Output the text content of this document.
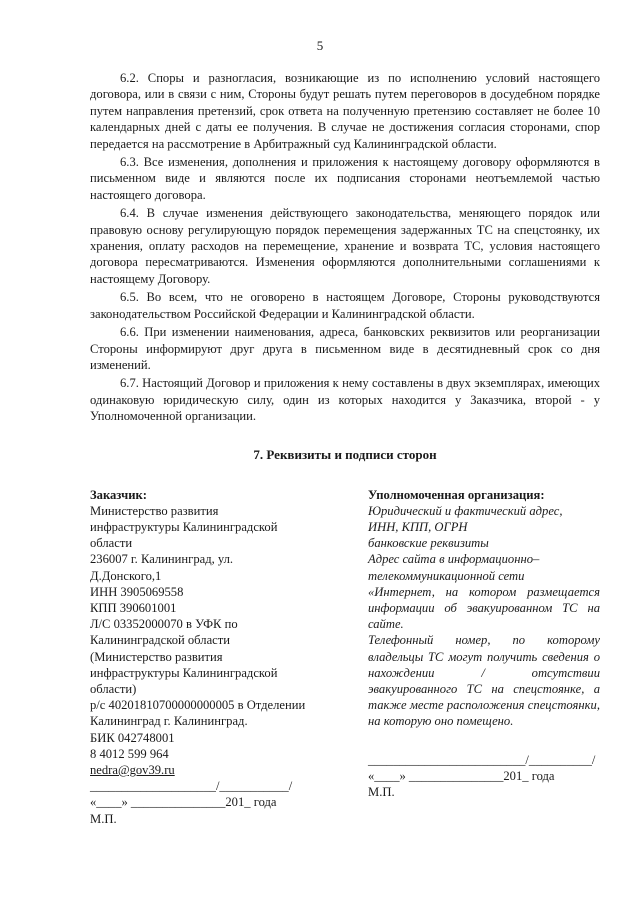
5

6.2. Споры и разногласия, возникающие из по исполнению условий настоящего договора, или в связи с ним, Стороны будут решать путем переговоров в досудебном порядке путем направления претензий, срок ответа на полученную претензию составляет не более 10 календарных дней с даты ее получения. В случае не достижения согласия сторонами, спор передается на рассмотрение в Арбитражный суд Калининградской области.

6.3. Все изменения, дополнения и приложения к настоящему договору оформляются в письменном виде и являются после их подписания сторонами неотъемлемой частью настоящего договора.

6.4. В случае изменения действующего законодательства, меняющего порядок или правовую основу регулирующую порядок перемещения задержанных ТС на спецстоянку, их хранения, оплату расходов на перемещение, хранение и возврата ТС, условия настоящего договора пересматриваются. Изменения оформляются дополнительными соглашениями к настоящему Договору.

6.5. Во всем, что не оговорено в настоящем Договоре, Стороны руководствуются законодательством Российской Федерации и Калининградской области.

6.6. При изменении наименования, адреса, банковских реквизитов или реорганизации Стороны информируют друг друга в письменном виде в десятидневный срок со дня изменений.

6.7. Настоящий Договор и приложения к нему составлены в двух экземплярах, имеющих одинаковую юридическую силу, один из которых находится у Заказчика, второй - у Уполномоченной организации.

7. Реквизиты и подписи сторон
Заказчик:
Министерство развития
инфраструктуры Калининградской
области
236007 г. Калининград, ул.
Д.Донского,1
ИНН 3905069558
КПП 390601001
Л/С 03352000070 в УФК по
Калининградской области
(Министерство развития
инфраструктуры Калининградской
области)
р/с 40201810700000000005 в Отделении
Калининград г. Калининград.
БИК 042748001
8 4012 599 964
nedra@gov39.ru
____________________/___________/
«____» _______________201_ года
М.П.
Уполномоченная организация:
Юридический и фактический адрес,
ИНН, КПП, ОГРН
банковские реквизиты
Адрес сайта в информационно–
телекоммуникационной сети
«Интернет, на котором размещается информации об эвакуированном ТС на сайте.
Телефонный номер, по которому владельцы ТС могут получить сведения о нахождении / отсутствии эвакуированного ТС на спецстоянке, а также месте расположения спецстоянки, на которую оно помещено.
_________________________/__________/
«____» _______________201_ года
М.П.
